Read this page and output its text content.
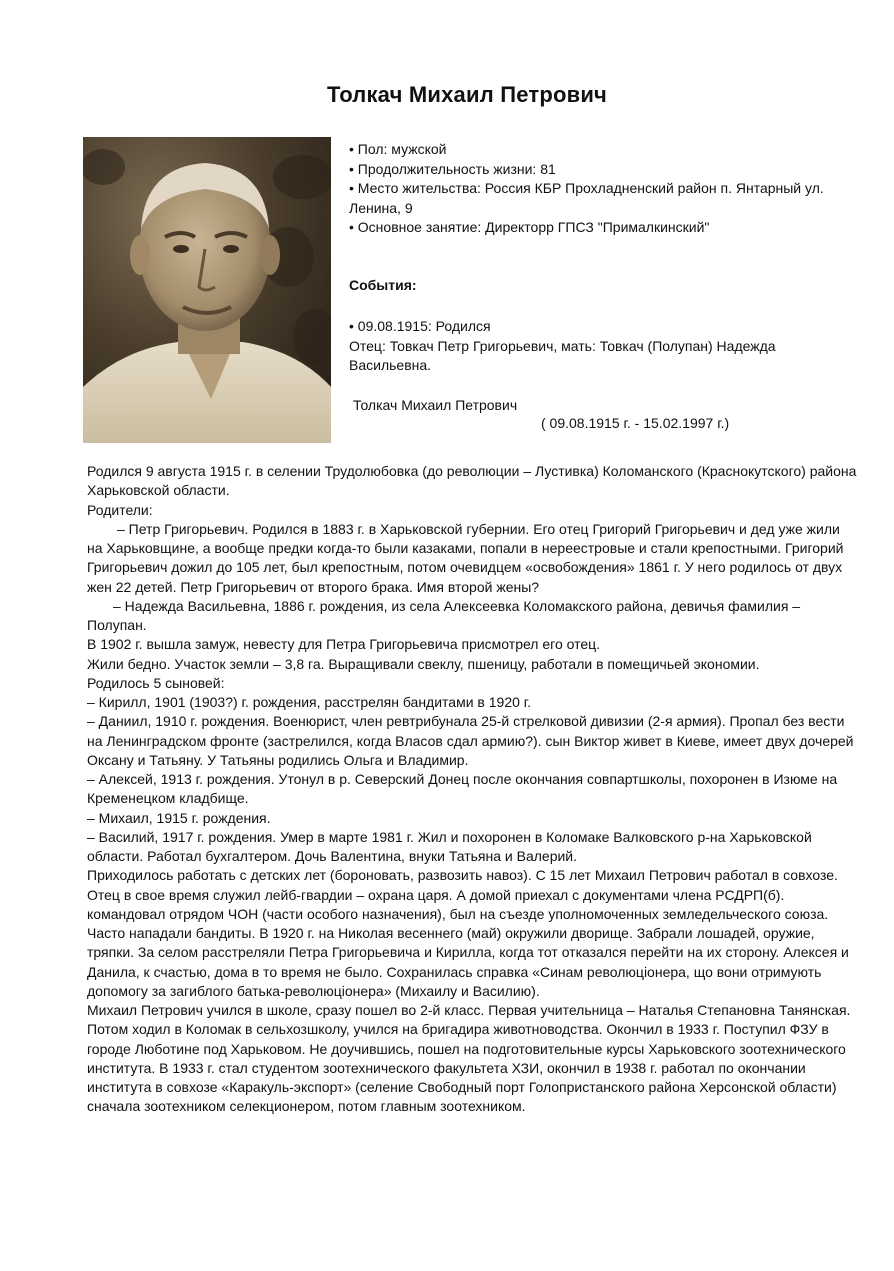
Толкач Михаил Петрович

• Пол: мужской

• Продолжительность жизни: 81

• Место жительства: Россия КБР Прохладненский район п. Янтарный ул. Ленина, 9

• Основное занятие: Директорр ГПСЗ "Прималкинский"

События:
• 09.08.1915: Родился
Отец: Товкач Петр Григорьевич, мать: Товкач (Полупан) Надежда Васильевна.
Толкач Михаил Петрович
( 09.08.1915 г. - 15.02.1997 г.)

Родился 9 августа 1915 г. в селении Трудолюбовка (до революции – Лустивка) Коломанского (Краснокутского) района Харьковской области.

Родители:

– Петр Григорьевич. Родился в 1883 г. в Харьковской губернии. Его отец Григорий Григорьевич и дед уже жили на Харьковщине, а вообще предки когда-то были казаками, попали в нереестровые и стали крепостными. Григорий Григорьевич дожил до 105 лет, был крепостным, потом очевидцем «освобождения» 1861 г. У него родилось от двух жен 22 детей. Петр Григорьевич от второго брака. Имя второй жены?

– Надежда Васильевна, 1886 г. рождения, из села Алексеевка Коломакского района, девичья фамилия – Полупан.

В 1902 г. вышла замуж, невесту для Петра Григорьевича присмотрел его отец.

Жили бедно. Участок земли – 3,8 га. Выращивали свеклу, пшеницу, работали в помещичьей экономии.

Родилось 5 сыновей:

– Кирилл, 1901 (1903?) г. рождения, расстрелян бандитами в 1920 г.

– Даниил, 1910 г. рождения. Военюрист, член ревтрибунала 25-й стрелковой дивизии (2-я армия). Пропал без вести на Ленинградском фронте (застрелился, когда Власов сдал армию?). сын Виктор живет в Киеве, имеет двух дочерей Оксану и Татьяну. У Татьяны родились Ольга и Владимир.

– Алексей, 1913 г. рождения. Утонул в р. Северский Донец после окончания совпартшколы, похоронен в Изюме на Кременецком кладбище.

– Михаил, 1915 г. рождения.

– Василий, 1917 г. рождения. Умер в марте 1981 г. Жил и похоронен в Коломаке Валковского р-на Харьковской области. Работал бухгалтером. Дочь Валентина, внуки Татьяна и Валерий.

Приходилось работать с детских лет (бороновать, развозить навоз). С 15 лет Михаил Петрович работал в совхозе.

Отец в свое время служил лейб-гвардии – охрана царя. А домой приехал с документами члена РСДРП(б). командовал отрядом ЧОН (части особого назначения), был на съезде уполномоченных земледельческого союза. Часто нападали бандиты. В 1920 г. на Николая весеннего (май) окружили дворище. Забрали лошадей, оружие, тряпки. За селом расстреляли Петра Григорьевича и Кирилла, когда тот отказался перейти на их сторону. Алексея и Данила, к счастью, дома в то время не было. Сохранилась справка «Синам революціонера, що вони отримують допомогу за загиблого батька-революціонера» (Михаилу и Василию).

Михаил Петрович учился в школе, сразу пошел во 2-й класс. Первая учительница – Наталья Степановна Танянская. Потом ходил в Коломак в сельхозшколу, учился на бригадира животноводства. Окончил в 1933 г. Поступил ФЗУ в городе Люботине под Харьковом. Не доучившись, пошел на подготовительные курсы Харьковского зоотехнического института. В 1933 г. стал студентом зоотехнического факультета ХЗИ, окончил в 1938 г. работал по окончании института в совхозе «Каракуль-экспорт» (селение Свободный порт Голопристанского района Херсонской области) сначала зоотехником селекционером, потом главным зоотехником.
